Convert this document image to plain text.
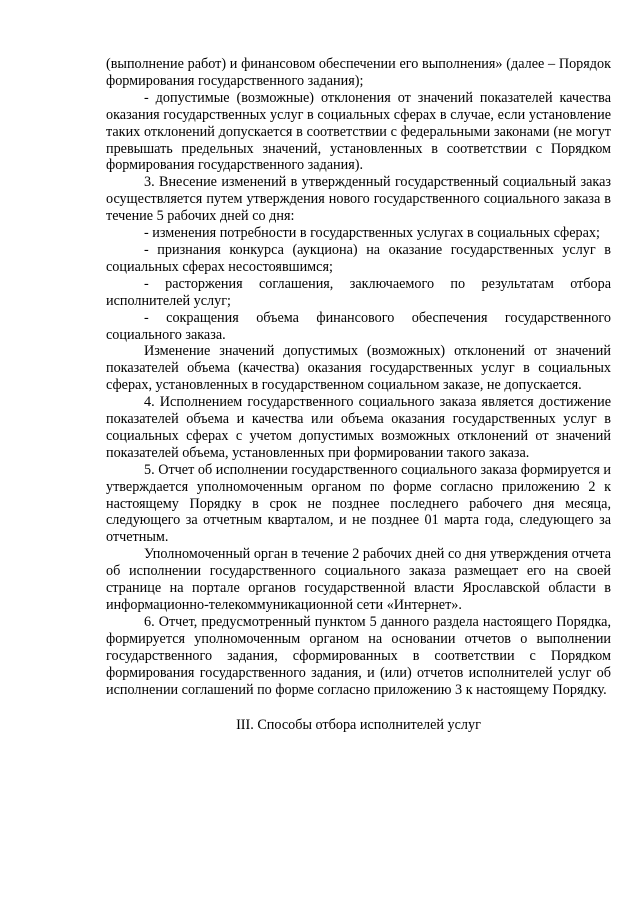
(выполнение работ) и финансовом обеспечении его выполнения» (далее – Порядок формирования государственного задания);

- допустимые (возможные) отклонения от значений показателей качества оказания государственных услуг в социальных сферах в случае, если установление таких отклонений допускается в соответствии с федеральными законами (не могут превышать предельных значений, установленных в соответствии с Порядком формирования государственного задания).

3. Внесение изменений в утвержденный государственный социальный заказ осуществляется путем утверждения нового государственного социального заказа в течение 5 рабочих дней со дня:

- изменения потребности в государственных услугах в социальных сферах;

- признания конкурса (аукциона) на оказание государственных услуг в социальных сферах несостоявшимся;

- расторжения соглашения, заключаемого по результатам отбора исполнителей услуг;

- сокращения объема финансового обеспечения государственного социального заказа.

Изменение значений допустимых (возможных) отклонений от значений показателей объема (качества) оказания государственных услуг в социальных сферах, установленных в государственном социальном заказе, не допускается.

4. Исполнением государственного социального заказа является достижение показателей объема и качества или объема оказания государственных услуг в социальных сферах с учетом допустимых возможных отклонений от значений показателей объема, установленных при формировании такого заказа.

5. Отчет об исполнении государственного социального заказа формируется и утверждается уполномоченным органом по форме согласно приложению 2 к настоящему Порядку в срок не позднее последнего рабочего дня месяца, следующего за отчетным кварталом, и не позднее 01 марта года, следующего за отчетным.

Уполномоченный орган в течение 2 рабочих дней со дня утверждения отчета об исполнении государственного социального заказа размещает его на своей странице на портале органов государственной власти Ярославской области в информационно-телекоммуникационной сети «Интернет».

6. Отчет, предусмотренный пунктом 5 данного раздела настоящего Порядка, формируется уполномоченным органом на основании отчетов о выполнении государственного задания, сформированных в соответствии с Порядком формирования государственного задания, и (или) отчетов исполнителей услуг об исполнении соглашений по форме согласно приложению 3 к настоящему Порядку.

III. Способы отбора исполнителей услуг
